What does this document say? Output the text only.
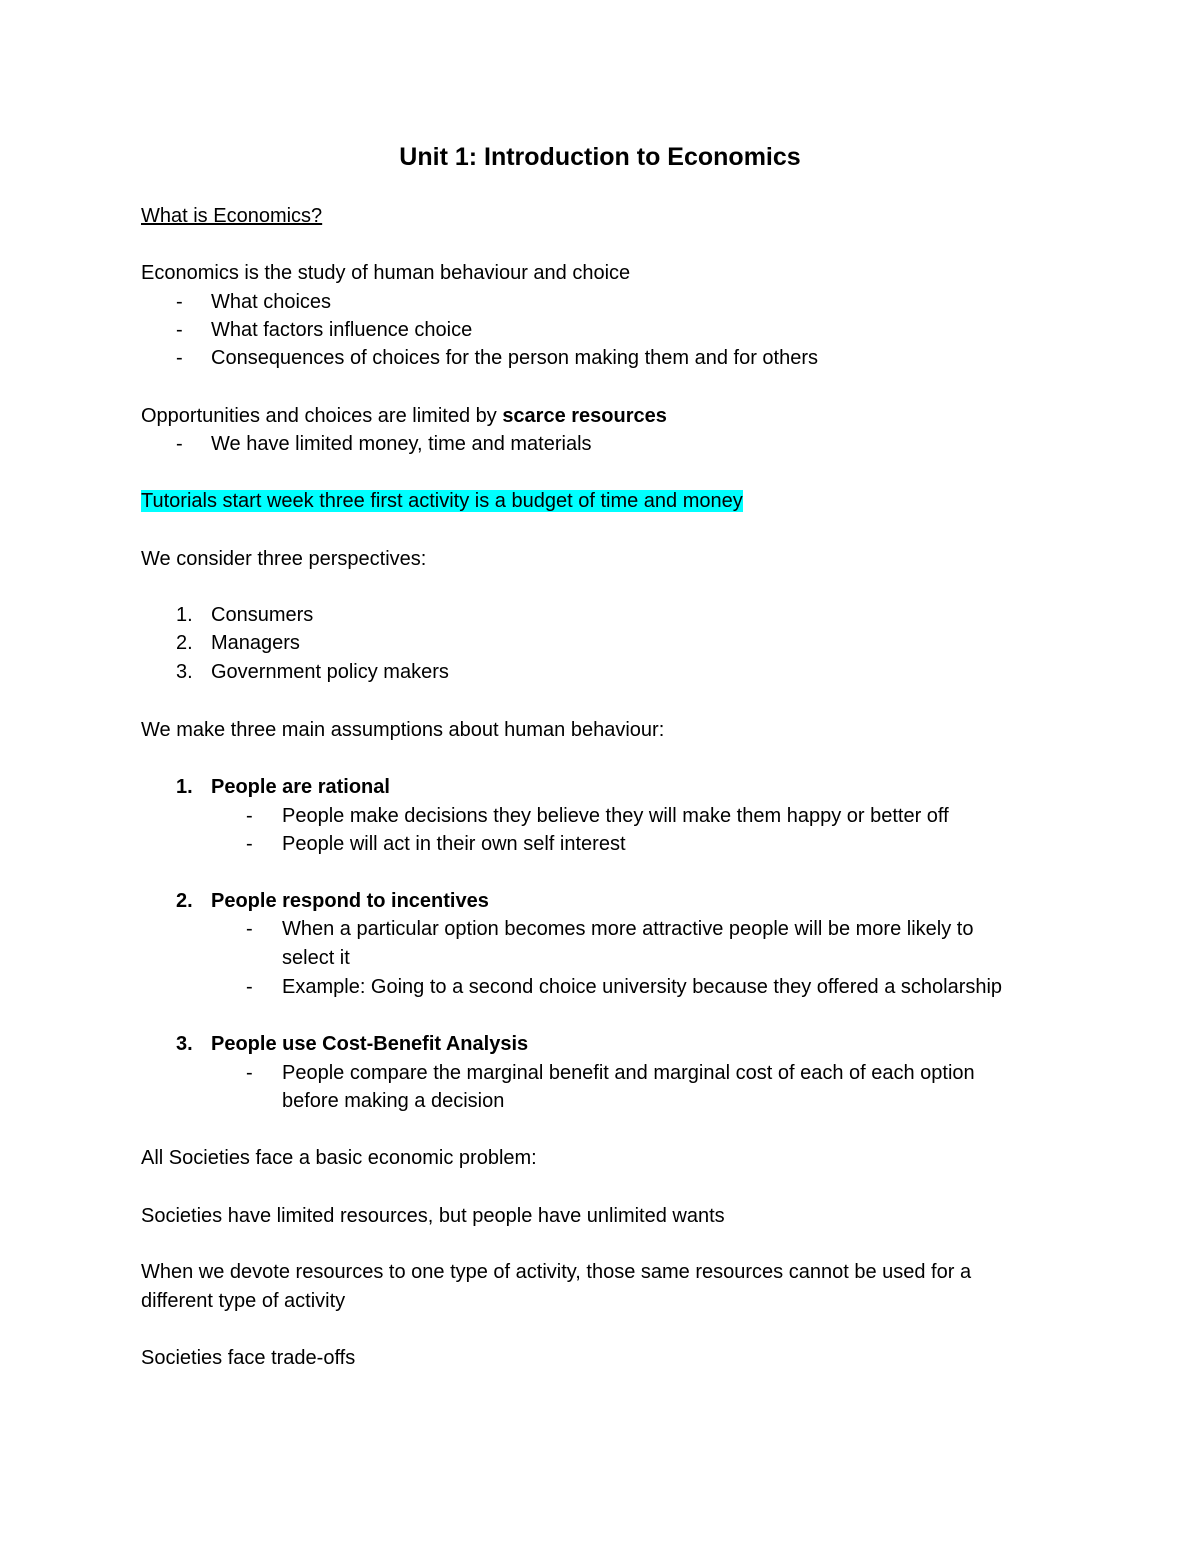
Unit 1: Introduction to Economics
What is Economics?
Economics is the study of human behaviour and choice
- What choices
- What factors influence choice
- Consequences of choices for the person making them and for others
Opportunities and choices are limited by scarce resources
- We have limited money, time and materials
Tutorials start week three first activity is a budget of time and money
We consider three perspectives:
1. Consumers
2. Managers
3. Government policy makers
We make three main assumptions about human behaviour:
1. People are rational
- People make decisions they believe they will make them happy or better off
- People will act in their own self interest
2. People respond to incentives
- When a particular option becomes more attractive people will be more likely to
select it
- Example: Going to a second choice university because they offered a scholarship
3. People use Cost-Benefit Analysis
- People compare the marginal benefit and marginal cost of each of each option
before making a decision
All Societies face a basic economic problem:
Societies have limited resources, but people have unlimited wants
When we devote resources to one type of activity, those same resources cannot be used for a
different type of activity
Societies face trade-offs
